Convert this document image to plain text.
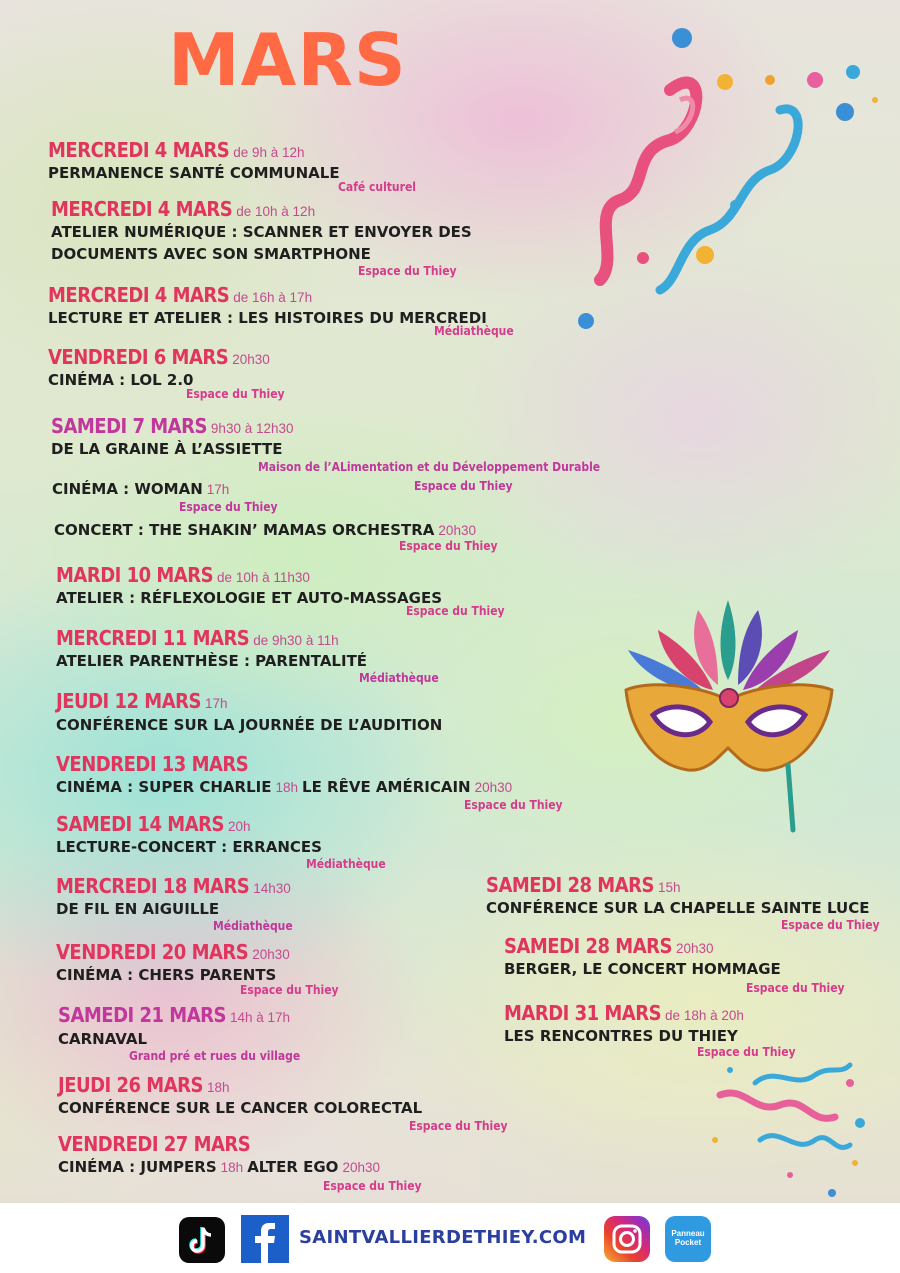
MARS
MERCREDI 4 MARS de 9h à 12h
PERMANENCE SANTÉ COMMUNALE
Café culturel
MERCREDI 4 MARS de 10h à 12h
ATELIER NUMÉRIQUE : SCANNER ET ENVOYER DES
DOCUMENTS AVEC SON SMARTPHONE
Espace du Thiey
MERCREDI 4 MARS de 16h à 17h
LECTURE ET ATELIER : LES HISTOIRES DU MERCREDI
Médiathèque
VENDREDI 6 MARS 20h30
CINÉMA : LOL 2.0
Espace du Thiey
SAMEDI 7 MARS 9h30 à 12h30
DE LA GRAINE À L’ASSIETTE
Maison de l’ALimentation et du Développement Durable
Espace du Thiey
CINÉMA : WOMAN 17h
Espace du Thiey
CONCERT : THE SHAKIN’ MAMAS ORCHESTRA 20h30
Espace du Thiey
MARDI 10 MARS de 10h à 11h30
ATELIER : RÉFLEXOLOGIE ET AUTO-MASSAGES
Espace du Thiey
MERCREDI 11 MARS de 9h30 à 11h
ATELIER PARENTHÈSE : PARENTALITÉ
Médiathèque
JEUDI 12 MARS 17h
CONFÉRENCE SUR LA JOURNÉE DE L’AUDITION
VENDREDI 13 MARS
CINÉMA : SUPER CHARLIE 18h LE RÊVE AMÉRICAIN 20h30
Espace du Thiey
SAMEDI 14 MARS 20h
LECTURE-CONCERT : ERRANCES
Médiathèque
MERCREDI 18 MARS 14h30
DE FIL EN AIGUILLE
Médiathèque
VENDREDI 20 MARS 20h30
CINÉMA : CHERS PARENTS
Espace du Thiey
SAMEDI 21 MARS 14h à 17h
CARNAVAL
Grand pré et rues du village
JEUDI 26 MARS 18h
CONFÉRENCE SUR LE CANCER COLORECTAL
Espace du Thiey
VENDREDI 27 MARS
CINÉMA : JUMPERS 18h ALTER EGO 20h30
Espace du Thiey
SAMEDI 28 MARS 15h
CONFÉRENCE SUR LA CHAPELLE SAINTE LUCE
Espace du Thiey
SAMEDI 28 MARS 20h30
BERGER, LE CONCERT HOMMAGE
Espace du Thiey
MARDI 31 MARS de 18h à 20h
LES RENCONTRES DU THIEY
Espace du Thiey
SAINTVALLIERDETHIEY.COM	Panneau Pocket
